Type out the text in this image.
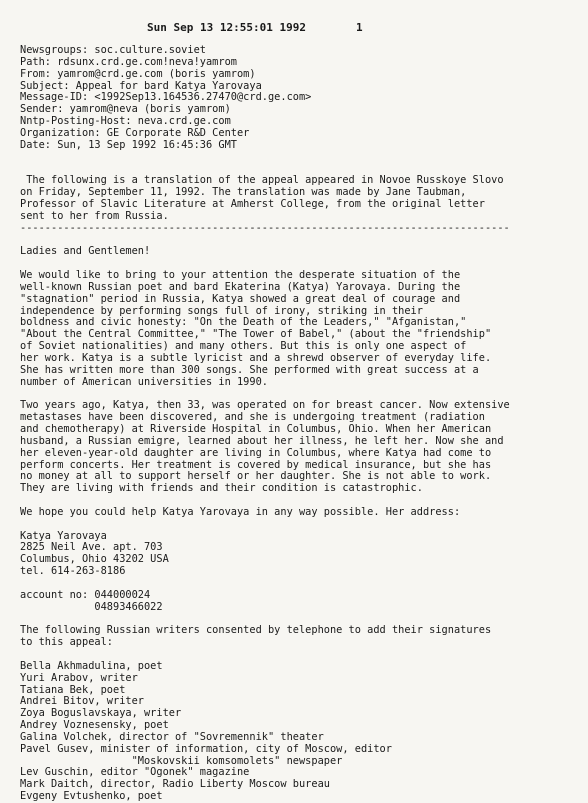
Sun Sep 13 12:55:01 1992	1
Newsgroups: soc.culture.soviet
Path: rdsunx.crd.ge.com!neva!yamrom
From: yamrom@crd.ge.com (boris yamrom)
Subject: Appeal for bard Katya Yarovaya
Message-ID: <1992Sep13.164536.27470@crd.ge.com>
Sender: yamrom@neva (boris yamrom)
Nntp-Posting-Host: neva.crd.ge.com
Organization: GE Corporate R&D Center
Date: Sun, 13 Sep 1992 16:45:36 GMT
The following is a translation of the appeal appeared in Novoe Russkoye Slovo
on Friday, September 11, 1992. The translation was made by Jane Taubman,
Professor of Slavic Literature at Amherst College, from the original letter
sent to her from Russia.
-------------------------------------------------------------------------------
Ladies and Gentlemen!
We would like to bring to your attention the desperate situation of the
well-known Russian poet and bard Ekaterina (Katya) Yarovaya. During the
"stagnation" period in Russia, Katya showed a great deal of courage and
independence by performing songs full of irony, striking in their
boldness and civic honesty: "On the Death of the Leaders," "Afganistan,"
"About the Central Committee," "The Tower of Babel," (about the "friendship"
of Soviet nationalities) and many others. But this is only one aspect of
her work. Katya is a subtle lyricist and a shrewd observer of everyday life.
She has written more than 300 songs. She performed with great success at a
number of American universities in 1990.
Two years ago, Katya, then 33, was operated on for breast cancer. Now extensive
metastases have been discovered, and she is undergoing treatment (radiation
and chemotherapy) at Riverside Hospital in Columbus, Ohio. When her American
husband, a Russian emigre, learned about her illness, he left her. Now she and
her eleven-year-old daughter are living in Columbus, where Katya had come to
perform concerts. Her treatment is covered by medical insurance, but she has
no money at all to support herself or her daughter. She is not able to work.
They are living with friends and their condition is catastrophic.
We hope you could help Katya Yarovaya in any way possible. Her address:
Katya Yarovaya
2825 Neil Ave. apt. 703
Columbus, Ohio 43202 USA
tel. 614-263-8186
account no: 044000024
04893466022
The following Russian writers consented by telephone to add their signatures
to this appeal:
Bella Akhmadulina, poet
Yuri Arabov, writer
Tatiana Bek, poet
Andrei Bitov, writer
Zoya Boguslavskaya, writer
Andrey Voznesensky, poet
Galina Volchek, director of "Sovremennik" theater
Pavel Gusev, minister of information, city of Moscow, editor
"Moskovskii komsomolets" newspaper
Lev Guschin, editor "Ogonek" magazine
Mark Daitch, director, Radio Liberty Moscow bureau
Evgeny Evtushenko, poet
